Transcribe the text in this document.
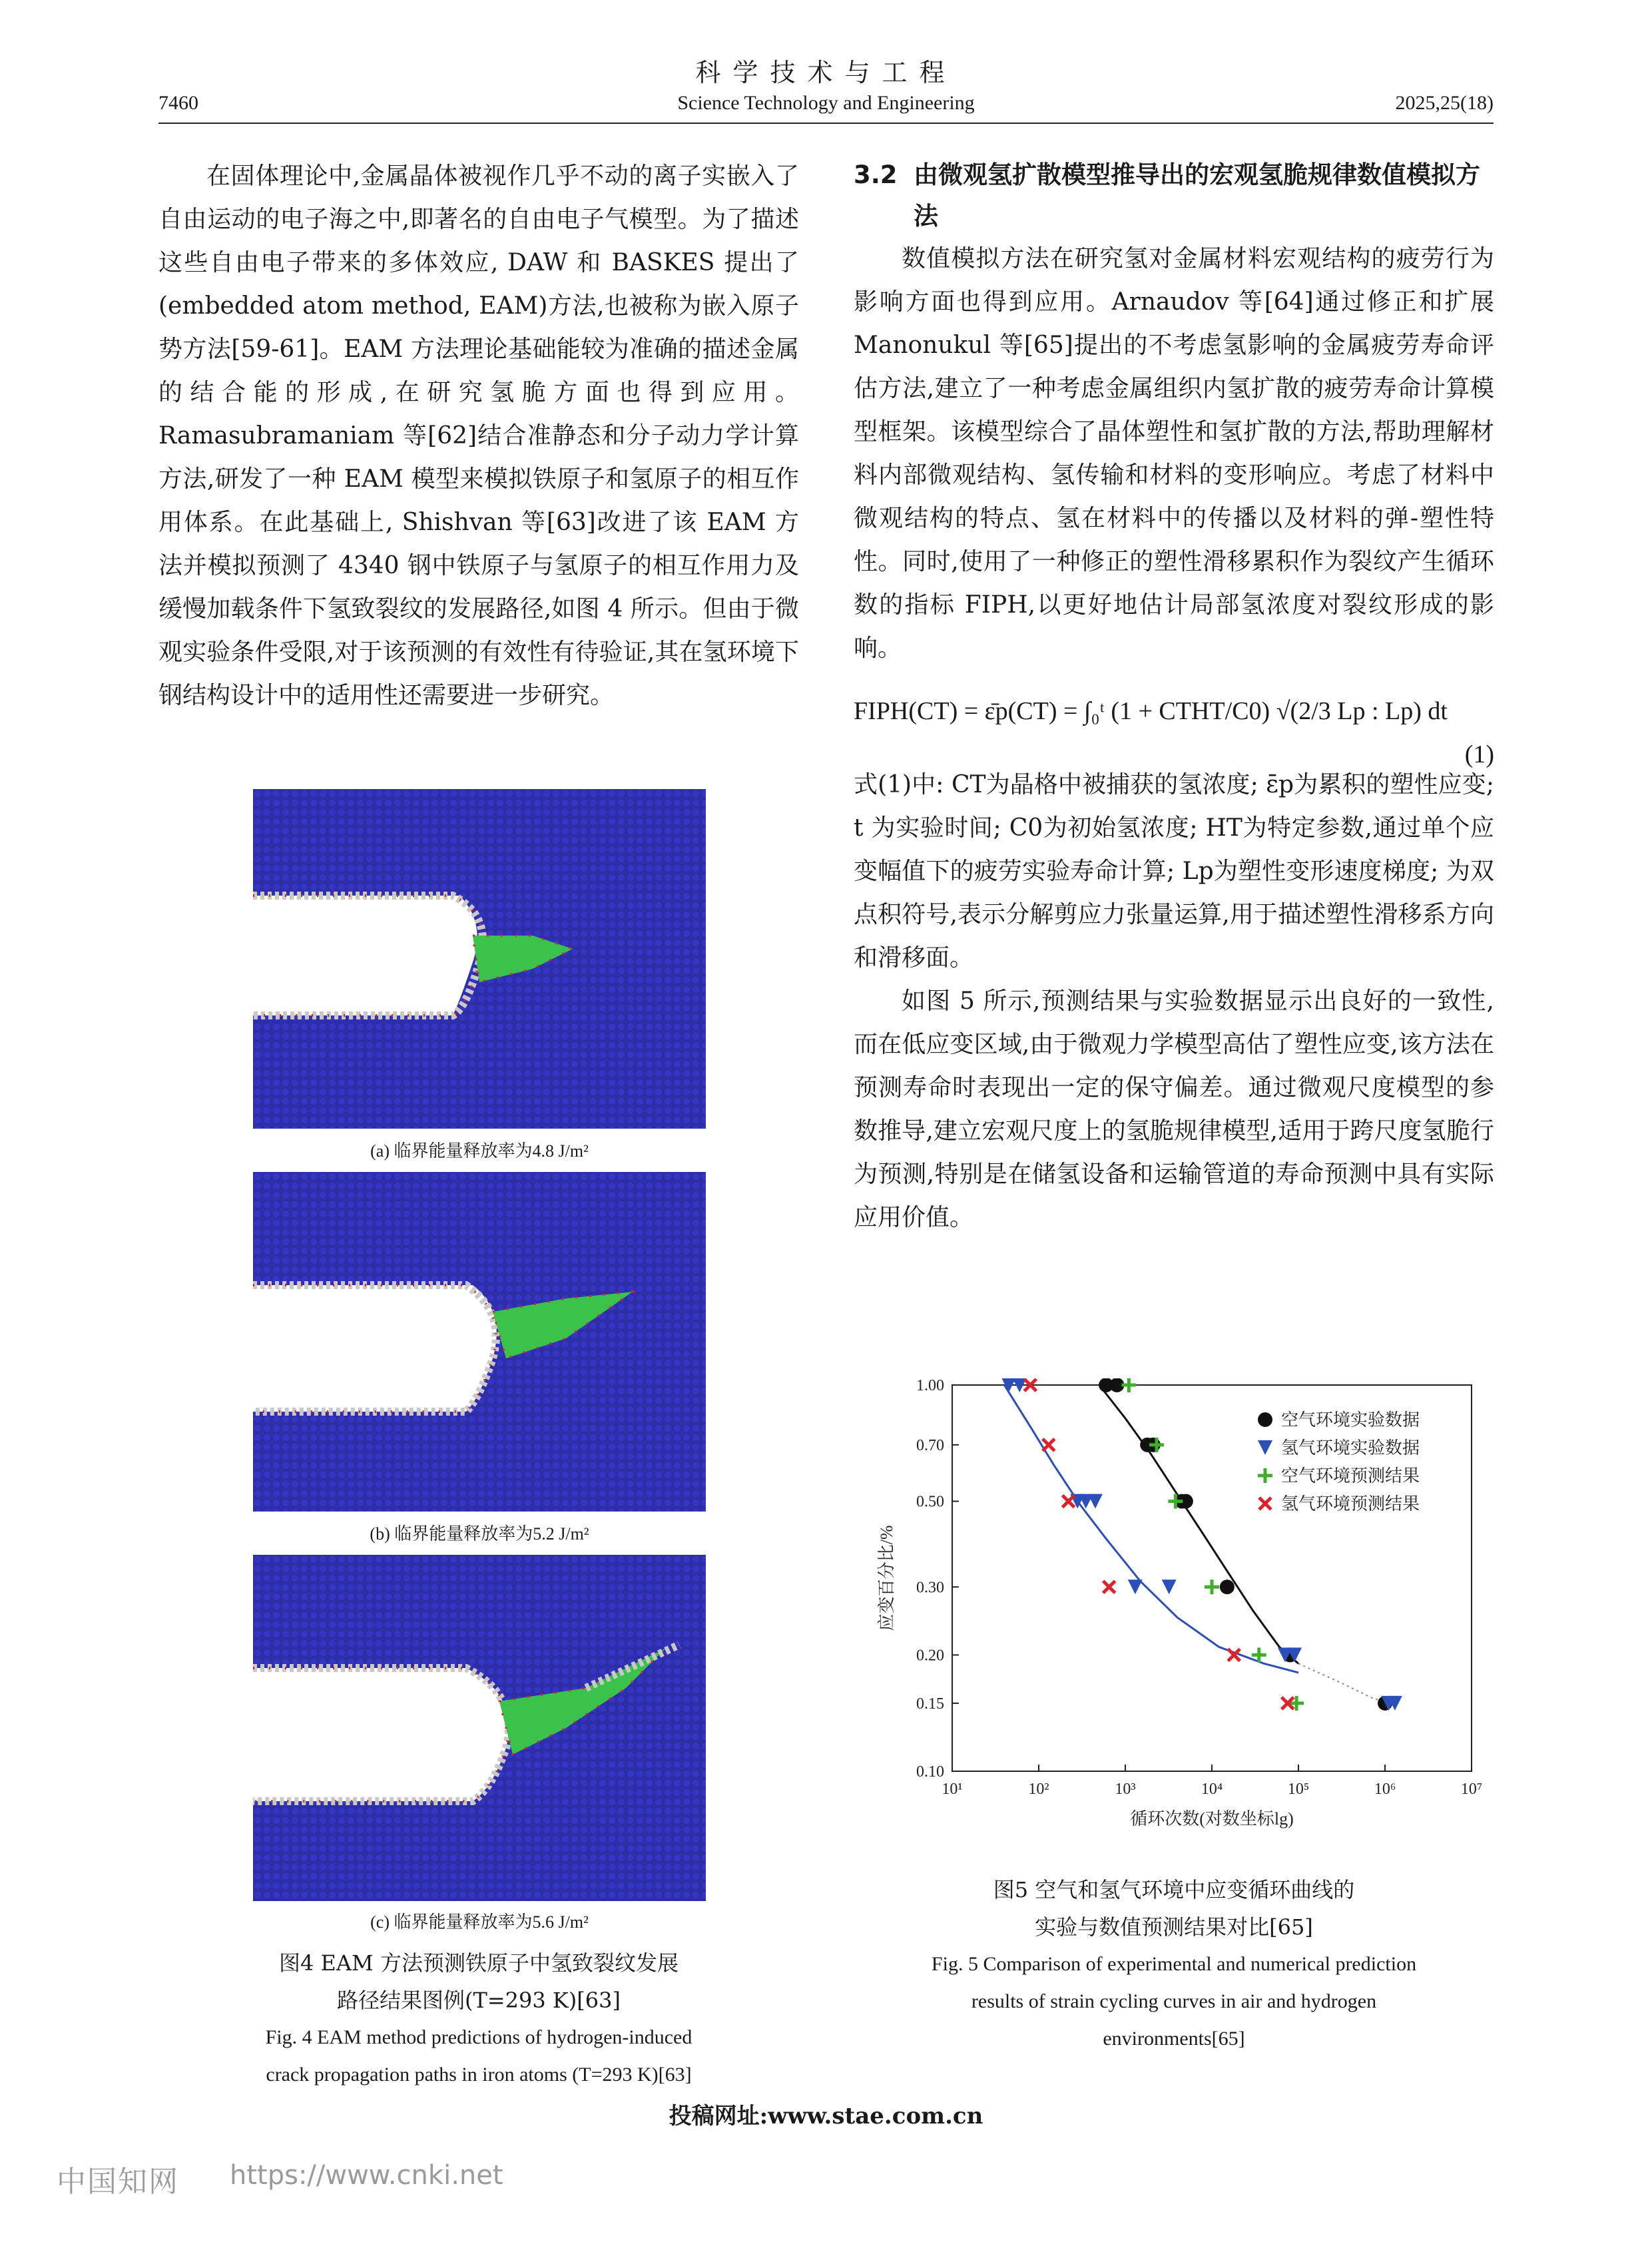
科学技术与工程
Science Technology and Engineering
7460	2025,25(18)

在固体理论中,金属晶体被视作几乎不动的离子实嵌入了自由运动的电子海之中,即著名的自由电子气模型。为了描述这些自由电子带来的多体效应, DAW 和 BASKES 提出了(embedded atom method, EAM)方法,也被称为嵌入原子势方法[59-61]。EAM 方法理论基础能较为准确的描述金属的结合能的形成,在研究氢脆方面也得到应用。Ramasubramaniam 等[62]结合准静态和分子动力学计算方法,研发了一种 EAM 模型来模拟铁原子和氢原子的相互作用体系。在此基础上, Shishvan 等[63]改进了该 EAM 方法并模拟预测了 4340 钢中铁原子与氢原子的相互作用力及缓慢加载条件下氢致裂纹的发展路径,如图 4 所示。但由于微观实验条件受限,对于该预测的有效性有待验证,其在氢环境下钢结构设计中的适用性还需要进一步研究。

(a) 临界能量释放率为4.8 J/m²
(b) 临界能量释放率为5.2 J/m²
(c) 临界能量释放率为5.6 J/m²
图4 EAM 方法预测铁原子中氢致裂纹发展
路径结果图例(T=293 K)[63]
Fig. 4 EAM method predictions of hydrogen-induced
crack propagation paths in iron atoms (T=293 K)[63]
3.2 由微观氢扩散模型推导出的宏观氢脆规律数值模拟方法

数值模拟方法在研究氢对金属材料宏观结构的疲劳行为影响方面也得到应用。Arnaudov 等[64]通过修正和扩展 Manonukul 等[65]提出的不考虑氢影响的金属疲劳寿命评估方法,建立了一种考虑金属组织内氢扩散的疲劳寿命计算模型框架。该模型综合了晶体塑性和氢扩散的方法,帮助理解材料内部微观结构、氢传输和材料的变形响应。考虑了材料中微观结构的特点、氢在材料中的传播以及材料的弹-塑性特性。同时,使用了一种修正的塑性滑移累积作为裂纹产生循环数的指标 FIPH,以更好地估计局部氢浓度对裂纹形成的影响。

FIPH(CT) = ε̄p(CT) = ∫₀ᵗ (1 + CTHT/C0) √(2/3 Lp : Lp) dt
(1)

式(1)中: CT为晶格中被捕获的氢浓度; ε̄p为累积的塑性应变; t 为实验时间; C0为初始氢浓度; HT为特定参数,通过单个应变幅值下的疲劳实验寿命计算; Lp为塑性变形速度梯度; 为双点积符号,表示分解剪应力张量运算,用于描述塑性滑移系方向和滑移面。

如图 5 所示,预测结果与实验数据显示出良好的一致性,而在低应变区域,由于微观力学模型高估了塑性应变,该方法在预测寿命时表现出一定的保守偏差。通过微观尺度模型的参数推导,建立宏观尺度上的氢脆规律模型,适用于跨尺度氢脆行为预测,特别是在储氢设备和运输管道的寿命预测中具有实际应用价值。

10¹	10²	10³	10⁴	10⁵	10⁶	10⁷
0.10
0.15
0.20
0.30
0.50
0.70
1.00
循环次数(对数坐标lg)
应变百分比/%
空气环境实验数据
氢气环境实验数据
空气环境预测结果
氢气环境预测结果
图5 空气和氢气环境中应变循环曲线的
实验与数值预测结果对比[65]
Fig. 5 Comparison of experimental and numerical prediction
results of strain cycling curves in air and hydrogen
environments[65]
投稿网址:www.stae.com.cn
中国知网 https://www.cnki.net
